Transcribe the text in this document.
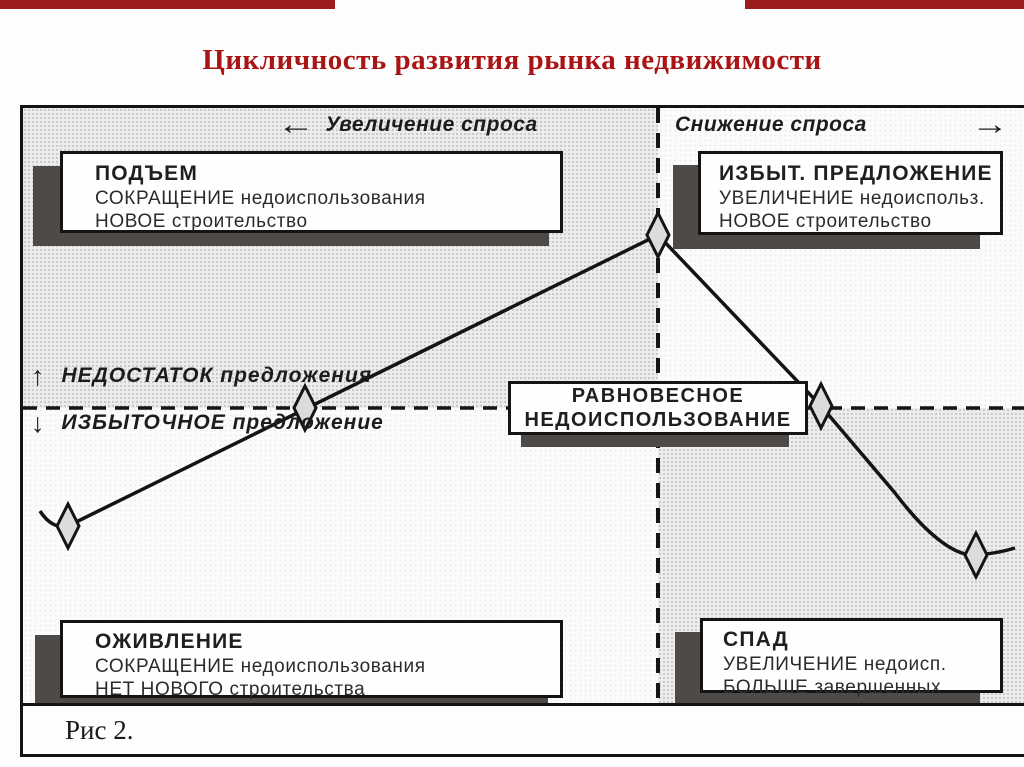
Цикличность развития рынка недвижимости
← Увеличение спроса	Снижение спроса	→
↑ НЕДОСТАТОК предложения
↓ ИЗБЫТОЧНОЕ предложение
ПОДЪЕМ
СОКРАЩЕНИЕ недоиспользования
НОВОЕ строительство
ИЗБЫТ. ПРЕДЛОЖЕНИЕ
УВЕЛИЧЕНИЕ недоиспольз.
НОВОЕ строительство
РАВНОВЕСНОЕ
НЕДОИСПОЛЬЗОВАНИЕ
ОЖИВЛЕНИЕ
СОКРАЩЕНИЕ недоиспользования
НЕТ НОВОГО строительства
СПАД
УВЕЛИЧЕНИЕ недоисп.
БОЛЬШЕ завершенных
Рис 2.
